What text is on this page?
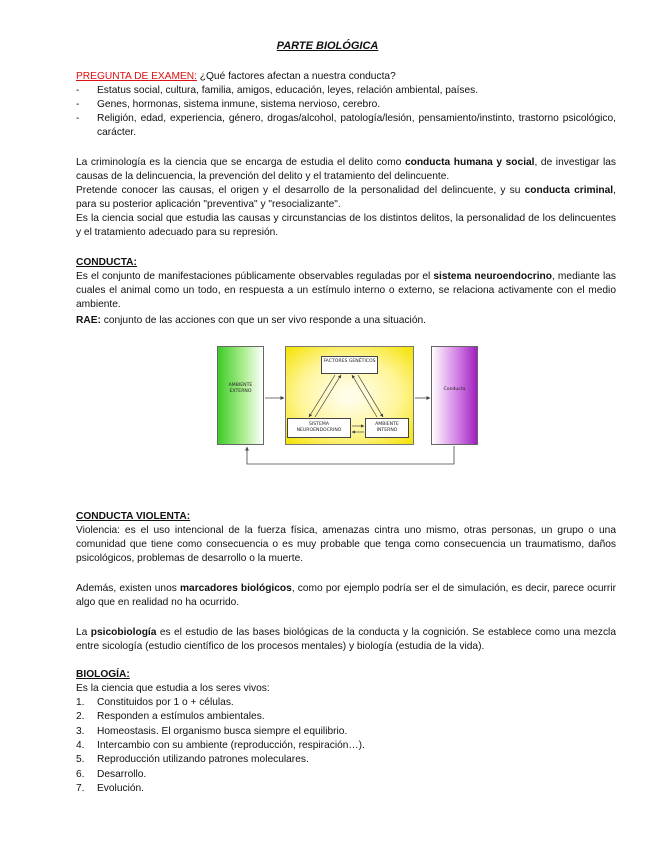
PARTE BIOLÓGICA
PREGUNTA DE EXAMEN: ¿Qué factores afectan a nuestra conducta?
- Estatus social, cultura, familia, amigos, educación, leyes, relación ambiental, países.
- Genes, hormonas, sistema inmune, sistema nervioso, cerebro.
- Religión, edad, experiencia, género, drogas/alcohol, patología/lesión, pensamiento/instinto, trastorno psicológico, carácter.
La criminología es la ciencia que se encarga de estudia el delito como conducta humana y social, de investigar las causas de la delincuencia, la prevención del delito y el tratamiento del delincuente.
Pretende conocer las causas, el origen y el desarrollo de la personalidad del delincuente, y su conducta criminal, para su posterior aplicación "preventiva" y "resocializante".
Es la ciencia social que estudia las causas y circunstancias de los distintos delitos, la personalidad de los delincuentes y el tratamiento adecuado para su represión.
CONDUCTA:
Es el conjunto de manifestaciones públicamente observables reguladas por el sistema neuroendocrino, mediante las cuales el animal como un todo, en respuesta a un estímulo interno o externo, se relaciona activamente con el medio ambiente.
RAE: conjunto de las acciones con que un ser vivo responde a una situación.
AMBIENTE EXTERNO
FACTORES GENÉTICOS
SISTEMA NEUROENDOCRINO
AMBIENTE INTERNO
Conducta
CONDUCTA VIOLENTA:
Violencia: es el uso intencional de la fuerza física, amenazas cintra uno mismo, otras personas, un grupo o una comunidad que tiene como consecuencia o es muy probable que tenga como consecuencia un traumatismo, daños psicológicos, problemas de desarrollo o la muerte.
Además, existen unos marcadores biológicos, como por ejemplo podría ser el de simulación, es decir, parece ocurrir algo que en realidad no ha ocurrido.
La psicobiología es el estudio de las bases biológicas de la conducta y la cognición. Se establece como una mezcla entre sicología (estudio científico de los procesos mentales) y biología (estudia de la vida).
BIOLOGÍA:
Es la ciencia que estudia a los seres vivos:
1. Constituidos por 1 o + células.
2. Responden a estímulos ambientales.
3. Homeostasis. El organismo busca siempre el equilibrio.
4. Intercambio con su ambiente (reproducción, respiración…).
5. Reproducción utilizando patrones moleculares.
6. Desarrollo.
7. Evolución.
